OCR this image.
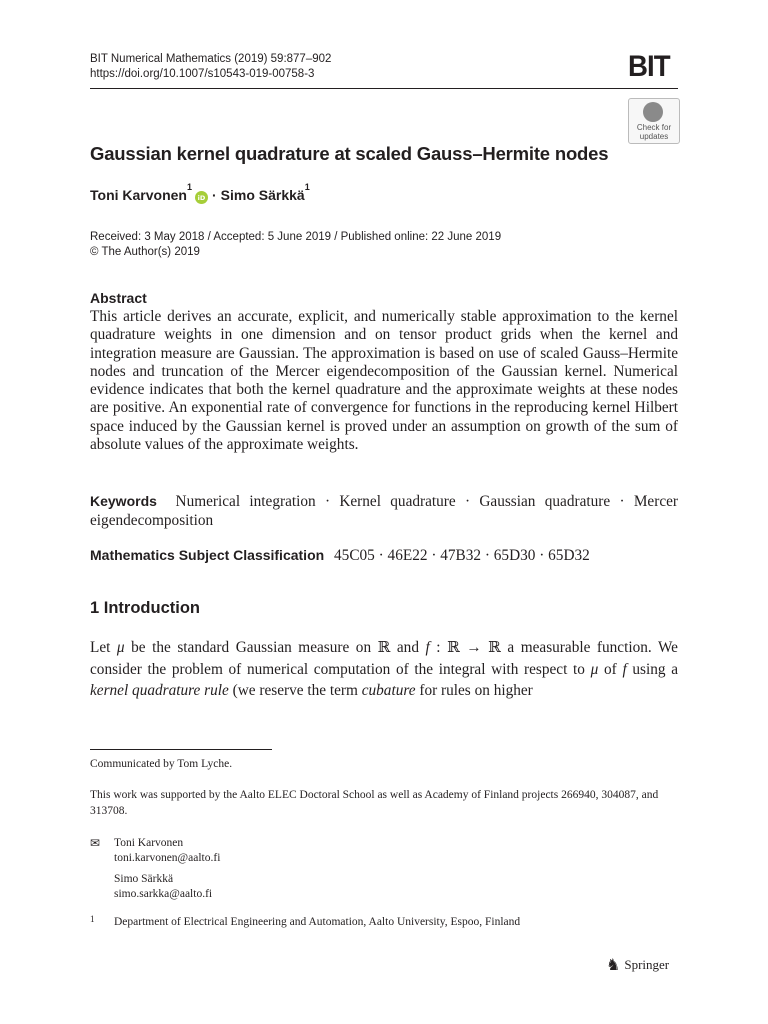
BIT Numerical Mathematics (2019) 59:877–902
https://doi.org/10.1007/s10543-019-00758-3	BIT
Check for updates
Gaussian kernel quadrature at scaled Gauss–Hermite nodes
Toni Karvonen$^1$
iD · Simo Särkkä$^1$
Received: 3 May 2018 / Accepted: 5 June 2019 / Published online: 22 June 2019
© The Author(s) 2019
Abstract
This article derives an accurate, explicit, and numerically stable approximation to the kernel quadrature weights in one dimension and on tensor product grids when the kernel and integration measure are Gaussian. The approximation is based on use of scaled Gauss–Hermite nodes and truncation of the Mercer eigendecomposition of the Gaussian kernel. Numerical evidence indicates that both the kernel quadrature and the approximate weights at these nodes are positive. An exponential rate of convergence for functions in the reproducing kernel Hilbert space induced by the Gaussian kernel is proved under an assumption on growth of the sum of absolute values of the approximate weights.
Keywords Numerical integration · Kernel quadrature · Gaussian quadrature · Mercer eigendecomposition
Mathematics Subject Classification 45C05 · 46E22 · 47B32 · 65D30 · 65D32
1 Introduction
Let μ be the standard Gaussian measure on ℝ and f : ℝ → ℝ a measurable function. We consider the problem of numerical computation of the integral with respect to μ of f using a kernel quadrature rule (we reserve the term cubature for rules on higher
Communicated by Tom Lyche.
This work was supported by the Aalto ELEC Doctoral School as well as Academy of Finland projects 266940, 304087, and 313708.
✉ Toni Karvonen
toni.karvonen@aalto.fi
Simo Särkkä
simo.sarkka@aalto.fi
1 Department of Electrical Engineering and Automation, Aalto University, Espoo, Finland
♞ Springer
